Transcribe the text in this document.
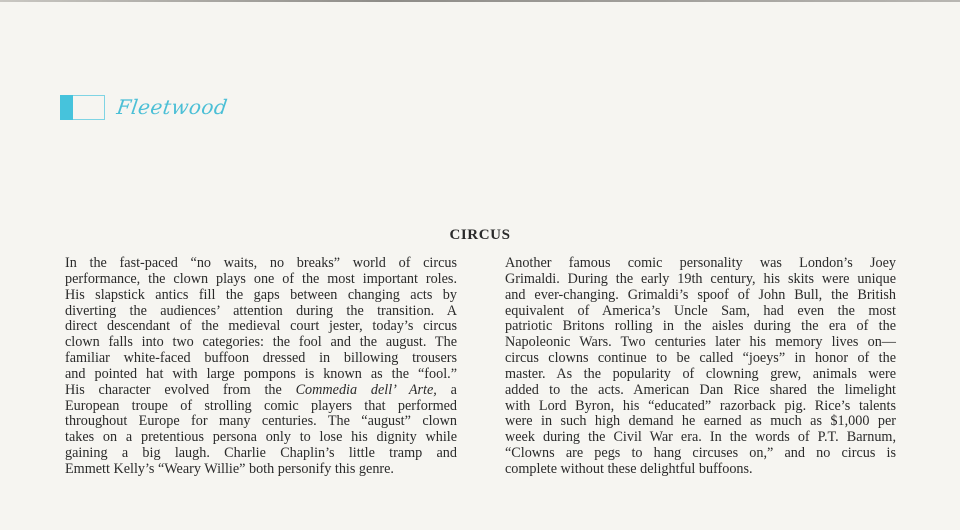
Fleetwood
CIRCUS
In the fast-paced “no waits, no breaks” world of circus
performance, the clown plays one of the most important roles.
His slapstick antics fill the gaps between changing acts by
diverting the audiences’ attention during the transition. A
direct descendant of the medieval court jester, today’s circus
clown falls into two categories: the fool and the august. The
familiar white-faced buffoon dressed in billowing trousers
and pointed hat with large pompons is known as the “fool.”
His character evolved from the Commedia dell’ Arte, a
European troupe of strolling comic players that performed
throughout Europe for many centuries. The “august” clown
takes on a pretentious persona only to lose his dignity while
gaining a big laugh. Charlie Chaplin’s little tramp and
Emmett Kelly’s “Weary Willie” both personify this genre.
Another famous comic personality was London’s Joey
Grimaldi. During the early 19th century, his skits were unique
and ever-changing. Grimaldi’s spoof of John Bull, the British
equivalent of America’s Uncle Sam, had even the most
patriotic Britons rolling in the aisles during the era of the
Napoleonic Wars. Two centuries later his memory lives on—
circus clowns continue to be called “joeys” in honor of the
master. As the popularity of clowning grew, animals were
added to the acts. American Dan Rice shared the limelight
with Lord Byron, his “educated” razorback pig. Rice’s talents
were in such high demand he earned as much as $1,000 per
week during the Civil War era. In the words of P.T. Barnum,
“Clowns are pegs to hang circuses on,” and no circus is
complete without these delightful buffoons.
